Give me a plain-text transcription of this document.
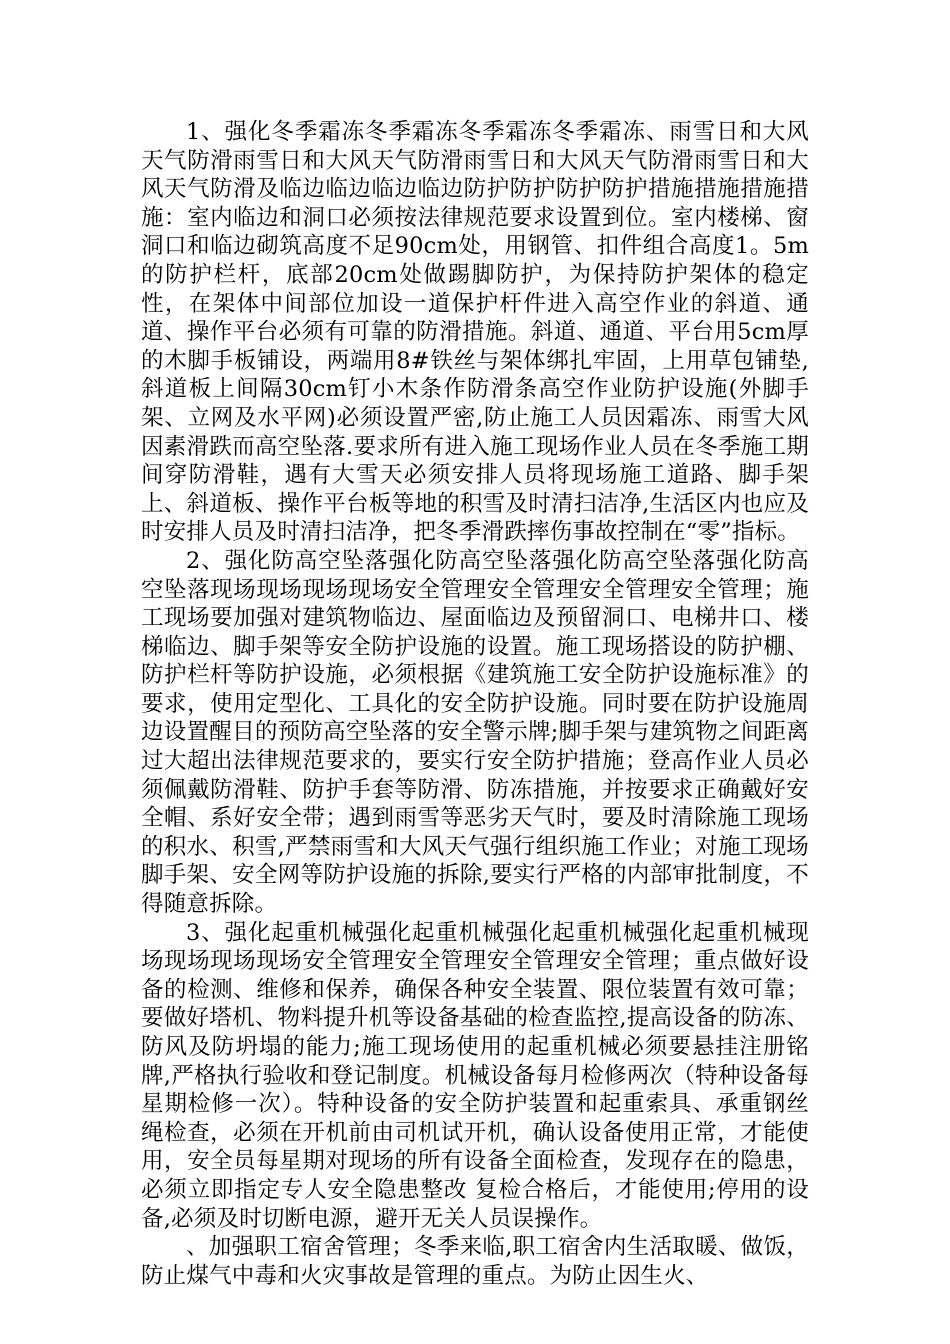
1、强化冬季霜冻冬季霜冻冬季霜冻冬季霜冻、雨雪日和大风天气防滑雨雪日和大风天气防滑雨雪日和大风天气防滑雨雪日和大风天气防滑及临边临边临边临边防护防护防护防护措施措施措施措施：室内临边和洞口必须按法律规范要求设置到位。室内楼梯、窗洞口和临边砌筑高度不足90cm处，用钢管、扣件组合高度1。5m的防护栏杆，底部20cm处做踢脚防护，为保持防护架体的稳定性，在架体中间部位加设一道保护杆件进入高空作业的斜道、通道、操作平台必须有可靠的防滑措施。斜道、通道、平台用5cm厚的木脚手板铺设，两端用8#铁丝与架体绑扎牢固，上用草包铺垫,斜道板上间隔30cm钉小木条作防滑条高空作业防护设施(外脚手架、立网及水平网)必须设置严密,防止施工人员因霜冻、雨雪大风因素滑跌而高空坠落.要求所有进入施工现场作业人员在冬季施工期间穿防滑鞋，遇有大雪天必须安排人员将现场施工道路、脚手架上、斜道板、操作平台板等地的积雪及时清扫洁净,生活区内也应及时安排人员及时清扫洁净，把冬季滑跌摔伤事故控制在“零”指标。

2、强化防高空坠落强化防高空坠落强化防高空坠落强化防高空坠落现场现场现场现场安全管理安全管理安全管理安全管理；施工现场要加强对建筑物临边、屋面临边及预留洞口、电梯井口、楼梯临边、脚手架等安全防护设施的设置。施工现场搭设的防护棚、防护栏杆等防护设施，必须根据《建筑施工安全防护设施标准》的要求，使用定型化、工具化的安全防护设施。同时要在防护设施周边设置醒目的预防高空坠落的安全警示牌;脚手架与建筑物之间距离过大超出法律规范要求的，要实行安全防护措施；登高作业人员必须佩戴防滑鞋、防护手套等防滑、防冻措施，并按要求正确戴好安全帽、系好安全带；遇到雨雪等恶劣天气时，要及时清除施工现场的积水、积雪,严禁雨雪和大风天气强行组织施工作业；对施工现场脚手架、安全网等防护设施的拆除,要实行严格的内部审批制度，不得随意拆除。

3、强化起重机械强化起重机械强化起重机械强化起重机械现场现场现场现场安全管理安全管理安全管理安全管理；重点做好设备的检测、维修和保养，确保各种安全装置、限位装置有效可靠；要做好塔机、物料提升机等设备基础的检查监控,提高设备的防冻、防风及防坍塌的能力;施工现场使用的起重机械必须要悬挂注册铭牌,严格执行验收和登记制度。机械设备每月检修两次（特种设备每星期检修一次）。特种设备的安全防护装置和起重索具、承重钢丝绳检查，必须在开机前由司机试开机，确认设备使用正常，才能使用，安全员每星期对现场的所有设备全面检查，发现存在的隐患，必须立即指定专人安全隐患整改 复检合格后，才能使用;停用的设备,必须及时切断电源，避开无关人员误操作。

、加强职工宿舍管理；冬季来临,职工宿舍内生活取暖、做饭，防止煤气中毒和火灾事故是管理的重点。为防止因生火、
